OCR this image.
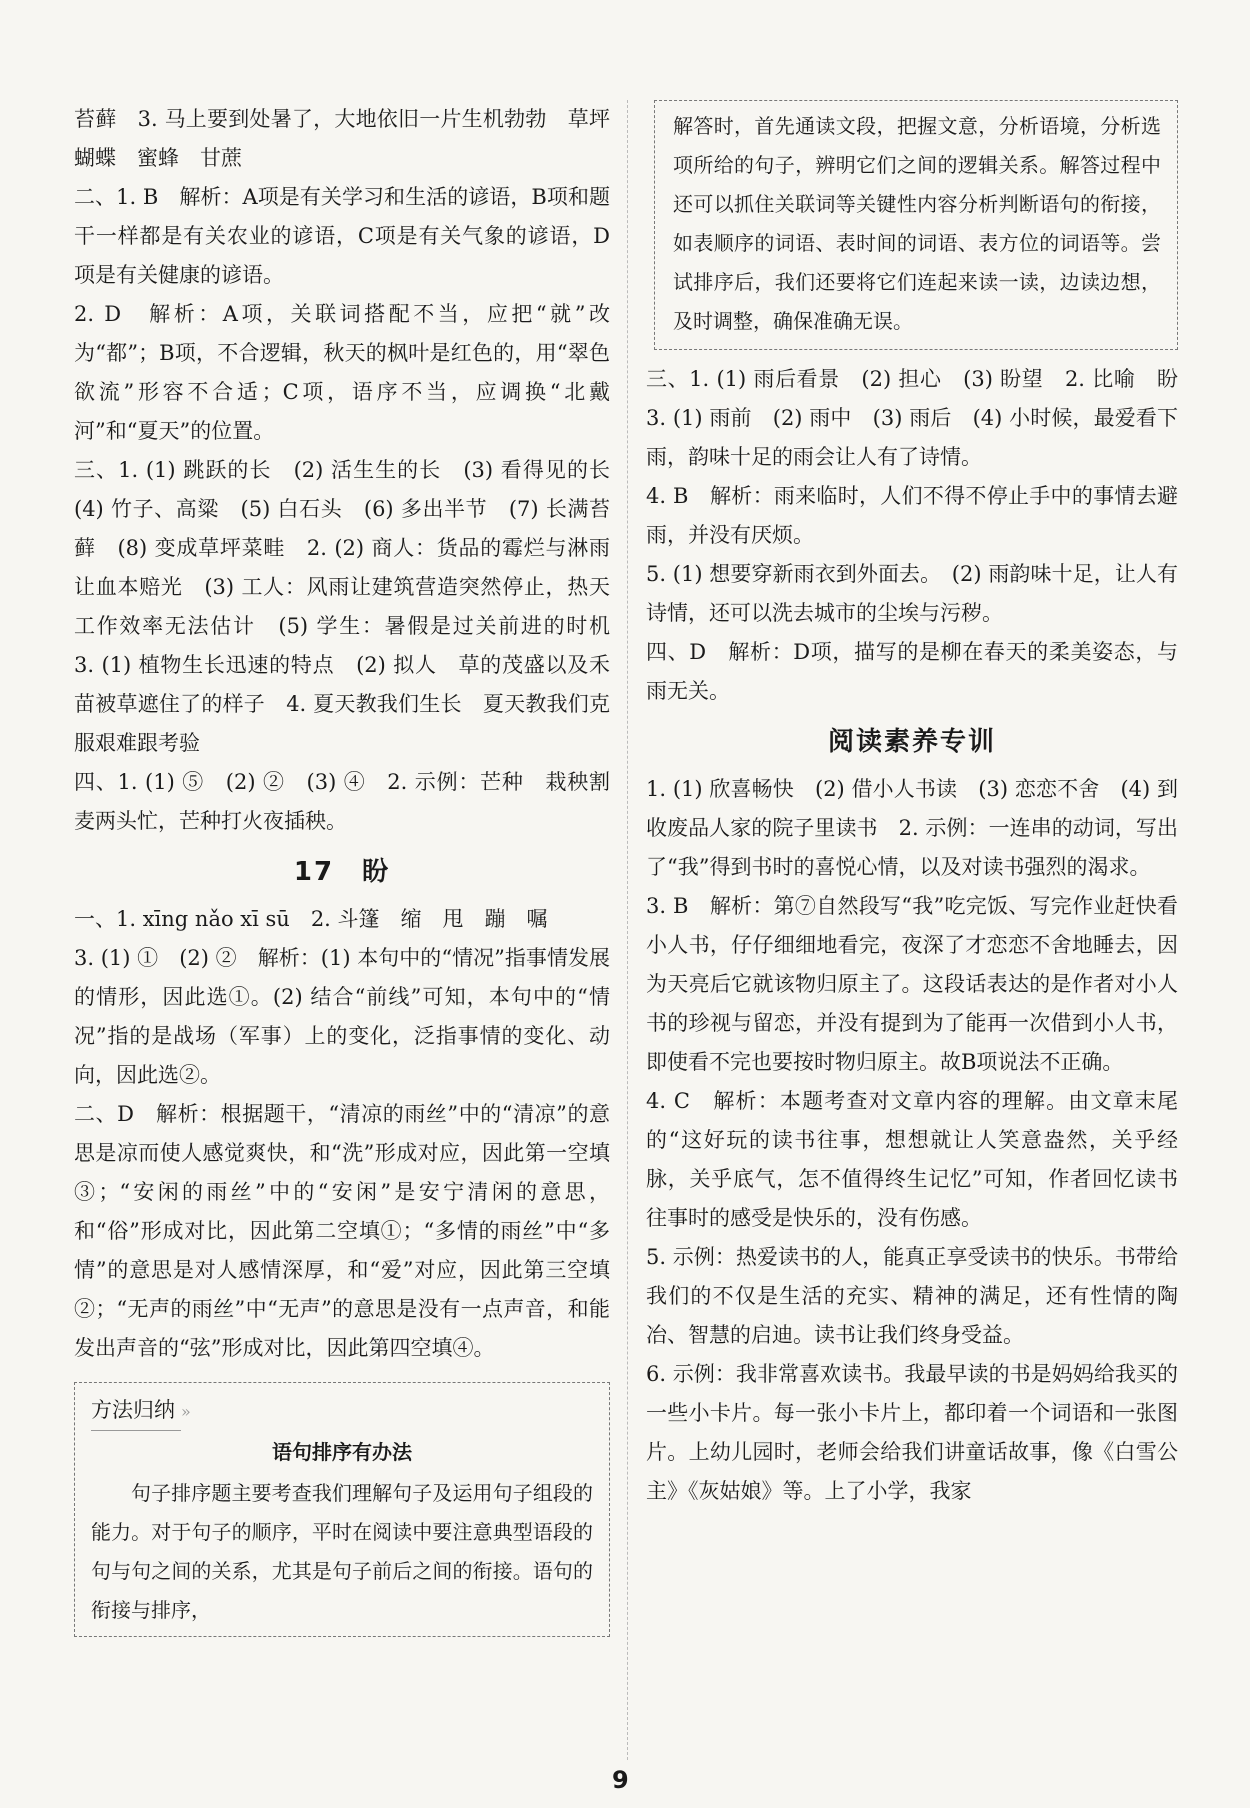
苔藓　3. 马上要到处暑了，大地依旧一片生机勃勃　草坪　蝴蝶　蜜蜂　甘蔗

二、1. B　解析：A项是有关学习和生活的谚语，B项和题干一样都是有关农业的谚语，C项是有关气象的谚语，D项是有关健康的谚语。

2. D　解析：A项，关联词搭配不当，应把“就”改为“都”；B项，不合逻辑，秋天的枫叶是红色的，用“翠色欲流”形容不合适；C项，语序不当，应调换“北戴河”和“夏天”的位置。

三、1. (1) 跳跃的长　(2) 活生生的长　(3) 看得见的长　(4) 竹子、高粱　(5) 白石头　(6) 多出半节　(7) 长满苔藓　(8) 变成草坪菜畦　2. (2) 商人：货品的霉烂与淋雨让血本赔光　(3) 工人：风雨让建筑营造突然停止，热天工作效率无法估计　(5) 学生：暑假是过关前进的时机　3. (1) 植物生长迅速的特点　(2) 拟人　草的茂盛以及禾苗被草遮住了的样子　4. 夏天教我们生长　夏天教我们克服艰难跟考验

四、1. (1) ⑤　(2) ②　(3) ④　2. 示例：芒种　栽秧割麦两头忙，芒种打火夜插秧。

17　盼

一、1. xīng nǎo xī sū　2. 斗篷　缩　甩　蹦　嘱

3. (1) ①　(2) ②　解析：(1) 本句中的“情况”指事情发展的情形，因此选①。(2) 结合“前线”可知，本句中的“情况”指的是战场（军事）上的变化，泛指事情的变化、动向，因此选②。

二、D　解析：根据题干，“清凉的雨丝”中的“清凉”的意思是凉而使人感觉爽快，和“洗”形成对应，因此第一空填③；“安闲的雨丝”中的“安闲”是安宁清闲的意思，和“俗”形成对比，因此第二空填①；“多情的雨丝”中“多情”的意思是对人感情深厚，和“爱”对应，因此第三空填②；“无声的雨丝”中“无声”的意思是没有一点声音，和能发出声音的“弦”形成对比，因此第四空填④。

方法归纳 »
语句排序有办法

句子排序题主要考查我们理解句子及运用句子组段的能力。对于句子的顺序，平时在阅读中要注意典型语段的句与句之间的关系，尤其是句子前后之间的衔接。语句的衔接与排序，

解答时，首先通读文段，把握文意，分析语境，分析选项所给的句子，辨明它们之间的逻辑关系。解答过程中还可以抓住关联词等关键性内容分析判断语句的衔接，如表顺序的词语、表时间的词语、表方位的词语等。尝试排序后，我们还要将它们连起来读一读，边读边想，及时调整，确保准确无误。

三、1. (1) 雨后看景　(2) 担心　(3) 盼望　2. 比喻　盼　3. (1) 雨前　(2) 雨中　(3) 雨后　(4) 小时候，最爱看下雨，韵味十足的雨会让人有了诗情。

4. B　解析：雨来临时，人们不得不停止手中的事情去避雨，并没有厌烦。

5. (1) 想要穿新雨衣到外面去。　(2) 雨韵味十足，让人有诗情，还可以洗去城市的尘埃与污秽。

四、D　解析：D项，描写的是柳在春天的柔美姿态，与雨无关。

阅读素养专训

1. (1) 欣喜畅快　(2) 借小人书读　(3) 恋恋不舍　(4) 到收废品人家的院子里读书　2. 示例：一连串的动词，写出了“我”得到书时的喜悦心情，以及对读书强烈的渴求。

3. B　解析：第⑦自然段写“我”吃完饭、写完作业赶快看小人书，仔仔细细地看完，夜深了才恋恋不舍地睡去，因为天亮后它就该物归原主了。这段话表达的是作者对小人书的珍视与留恋，并没有提到为了能再一次借到小人书，即使看不完也要按时物归原主。故B项说法不正确。

4. C　解析：本题考查对文章内容的理解。由文章末尾的“这好玩的读书往事，想想就让人笑意盎然，关乎经脉，关乎底气，怎不值得终生记忆”可知，作者回忆读书往事时的感受是快乐的，没有伤感。

5. 示例：热爱读书的人，能真正享受读书的快乐。书带给我们的不仅是生活的充实、精神的满足，还有性情的陶冶、智慧的启迪。读书让我们终身受益。

6. 示例：我非常喜欢读书。我最早读的书是妈妈给我买的一些小卡片。每一张小卡片上，都印着一个词语和一张图片。上幼儿园时，老师会给我们讲童话故事，像《白雪公主》《灰姑娘》等。上了小学，我家

9
